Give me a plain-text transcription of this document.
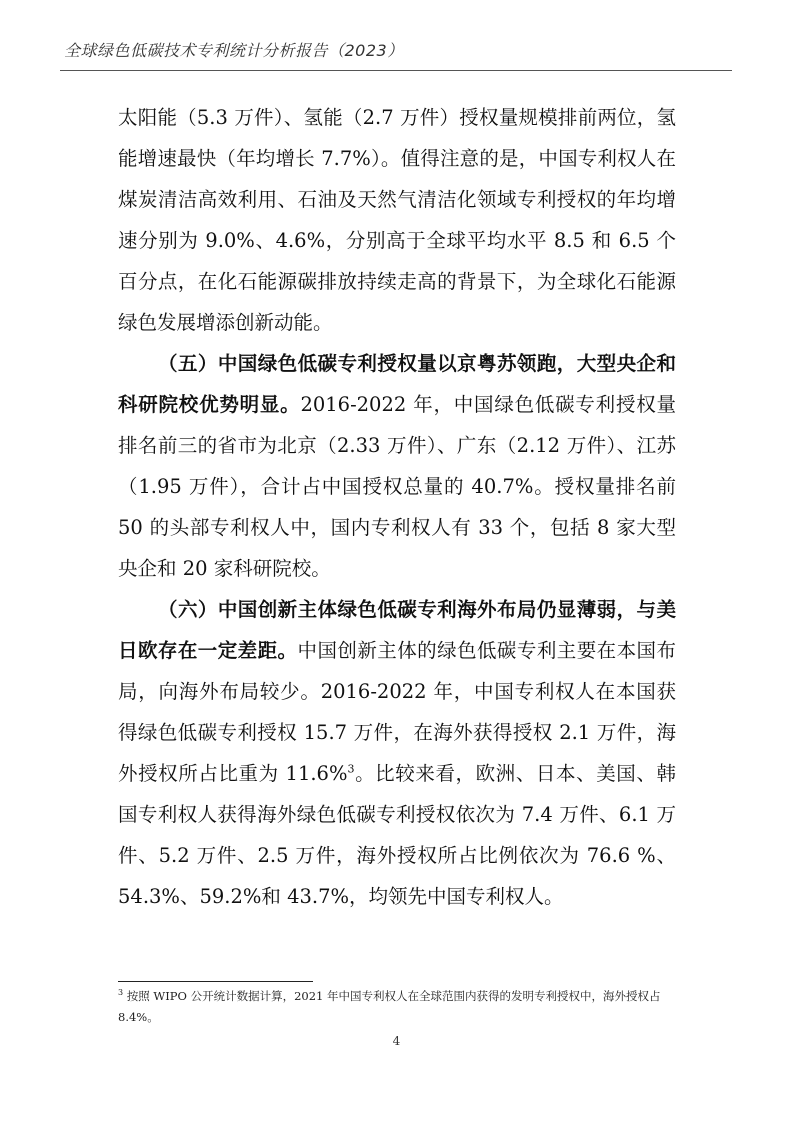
全球绿色低碳技术专利统计分析报告（2023）

太阳能（5.3 万件）、氢能（2.7 万件）授权量规模排前两位，氢能增速最快（年均增长 7.7%）。值得注意的是，中国专利权人在煤炭清洁高效利用、石油及天然气清洁化领域专利授权的年均增速分别为 9.0%、4.6%，分别高于全球平均水平 8.5 和 6.5 个百分点，在化石能源碳排放持续走高的背景下，为全球化石能源绿色发展增添创新动能。

（五）中国绿色低碳专利授权量以京粤苏领跑，大型央企和科研院校优势明显。2016-2022 年，中国绿色低碳专利授权量排名前三的省市为北京（2.33 万件）、广东（2.12 万件）、江苏（1.95 万件），合计占中国授权总量的 40.7%。授权量排名前 50 的头部专利权人中，国内专利权人有 33 个，包括 8 家大型央企和 20 家科研院校。

（六）中国创新主体绿色低碳专利海外布局仍显薄弱，与美日欧存在一定差距。中国创新主体的绿色低碳专利主要在本国布局，向海外布局较少。2016-2022 年，中国专利权人在本国获得绿色低碳专利授权 15.7 万件，在海外获得授权 2.1 万件，海外授权所占比重为 11.6%$^3$。比较来看，欧洲、日本、美国、韩国专利权人获得海外绿色低碳专利授权依次为 7.4 万件、6.1 万件、5.2 万件、2.5 万件，海外授权所占比例依次为 76.6 %、54.3%、59.2%和 43.7%，均领先中国专利权人。

$^3$ 按照 WIPO 公开统计数据计算，2021 年中国专利权人在全球范围内获得的发明专利授权中，海外授权占 8.4%。
4
